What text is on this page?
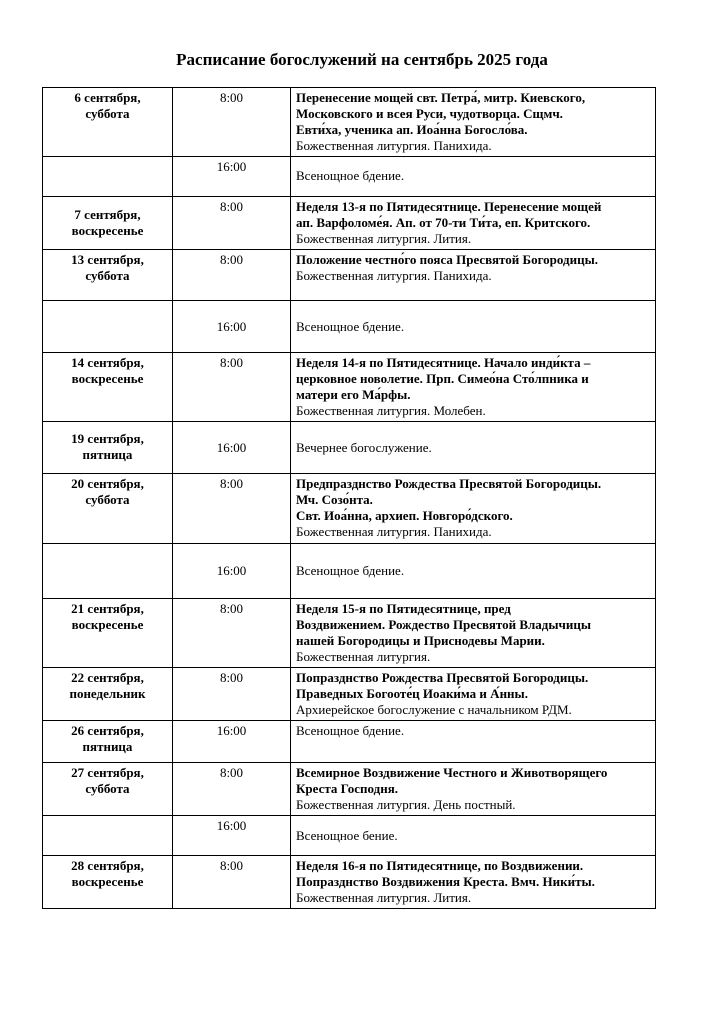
Расписание богослужений на сентябрь 2025 года
6 сентября,
суббота	8:00	Перенесение мощей свт. Петра́, митр. Киевского,
Московского и всея Руси, чудотворца. Сщмч.
Евти́ха, ученика ап. Иоа́нна Богосло́ва.
Божественная литургия. Панихида.

	16:00	Всенощное бдение.

7 сентября,
воскресенье	8:00	Неделя 13-я по Пятидесятнице. Перенесение мощей
ап. Варфоломе́я. Ап. от 70-ти Ти́та, еп. Критского.
Божественная литургия. Лития.

13 сентября,
суббота	8:00	Положение честно́го пояса Пресвятой Богородицы.
Божественная литургия. Панихида.

	16:00	Всенощное бдение.

14 сентября,
воскресенье	8:00	Неделя 14-я по Пятидесятнице. Начало инди́кта –
церковное новолетие. Прп. Симео́на Сто́лпника и
матери его Ма́рфы.
Божественная литургия. Молебен.

19 сентября,
пятница	16:00	Вечернее богослужение.

20 сентября,
суббота	8:00	Предпразднство Рождества Пресвятой Богородицы.
Мч. Созо́нта.
Свт. Иоа́нна, архиеп. Новгоро́дского.
Божественная литургия. Панихида.

	16:00	Всенощное бдение.

21 сентября,
воскресенье	8:00	Неделя 15-я по Пятидесятнице, пред
Воздвижением. Рождество Пресвятой Владычицы
нашей Богородицы и Приснодевы Марии.
Божественная литургия.

22 сентября,
понедельник	8:00	Попразднство Рождества Пресвятой Богородицы.
Праведных Богооте́ц Иоаки́ма и А́нны.
Архиерейское богослужение с начальником РДМ.

26 сентября,
пятница	16:00	Всенощное бдение.

27 сентября,
суббота	8:00	Всемирное Воздвижение Честного и Животворящего
Креста Господня.
Божественная литургия. День постный.

	16:00	Всенощное бение.

28 сентября,
воскресенье	8:00	Неделя 16-я по Пятидесятнице, по Воздвижении.
Попразднство Воздвижения Креста. Вмч. Ники́ты.
Божественная литургия. Лития.
